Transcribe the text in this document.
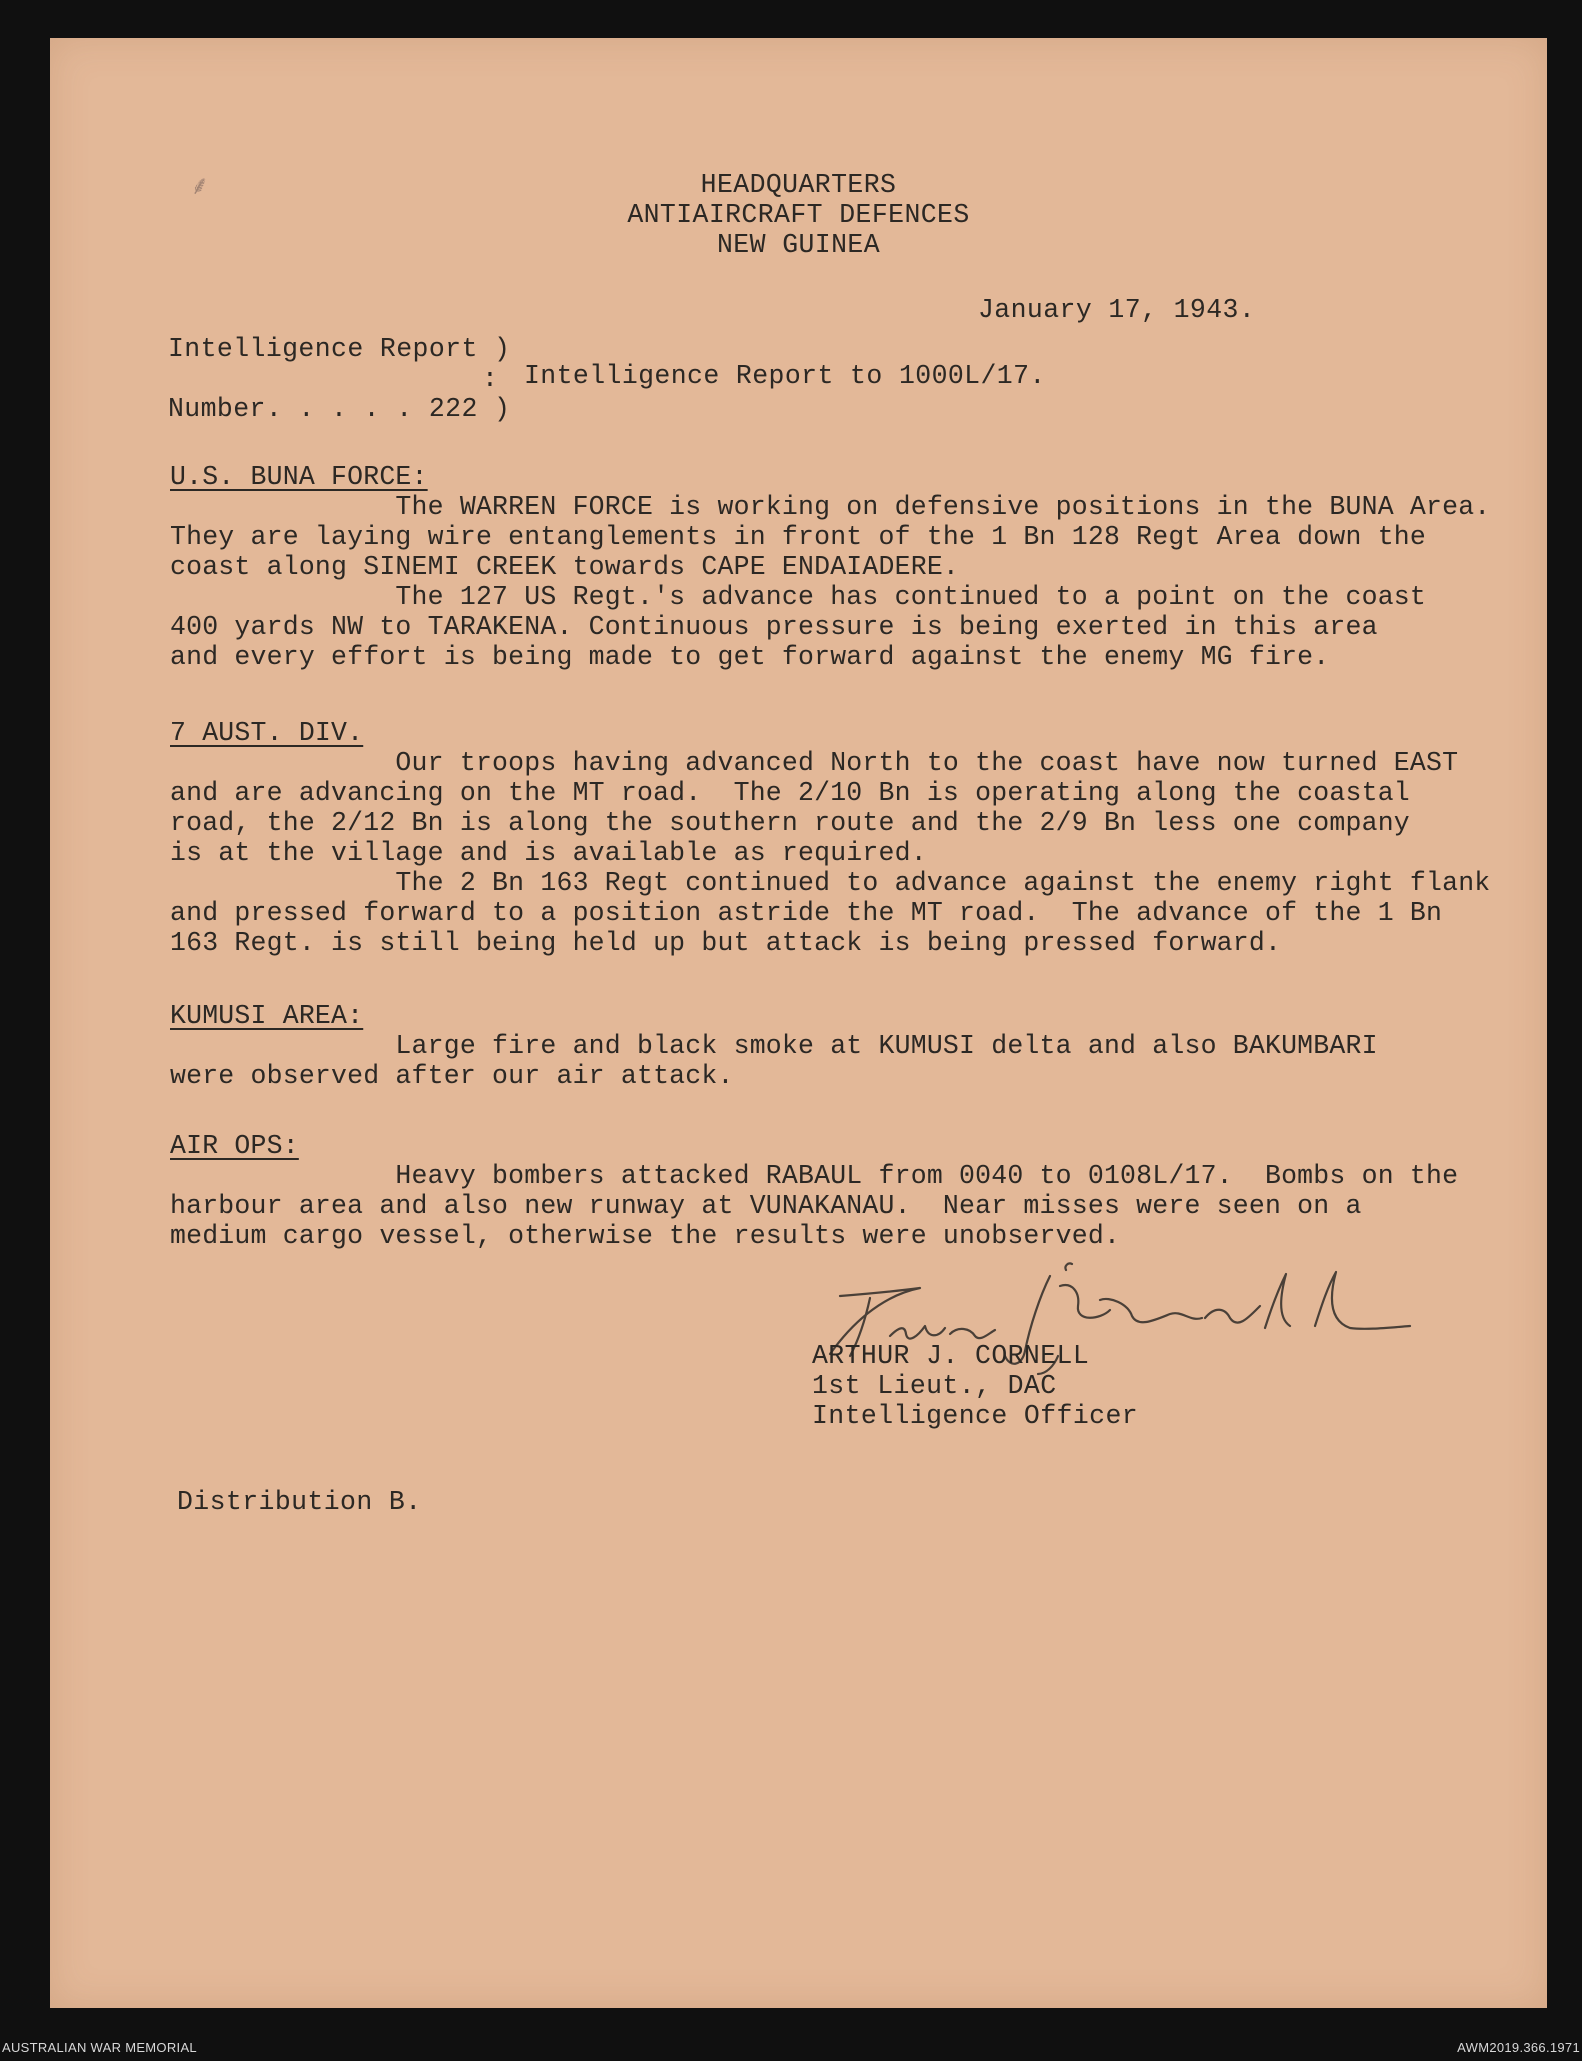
⸙	HEADQUARTERS
ANTIAIRCRAFT DEFENCES
NEW GUINEA
January 17, 1943.
Intelligence Report )
: Intelligence Report to 1000L/17.
Number. . . . . 222 )
U.S. BUNA FORCE:
The WARREN FORCE is working on defensive positions in the BUNA Area.
They are laying wire entanglements in front of the 1 Bn 128 Regt Area down the
coast along SINEMI CREEK towards CAPE ENDAIADERE.
The 127 US Regt.'s advance has continued to a point on the coast
400 yards NW to TARAKENA. Continuous pressure is being exerted in this area
and every effort is being made to get forward against the enemy MG fire.
7 AUST. DIV.
Our troops having advanced North to the coast have now turned EAST
and are advancing on the MT road.  The 2/10 Bn is operating along the coastal
road, the 2/12 Bn is along the southern route and the 2/9 Bn less one company
is at the village and is available as required.
The 2 Bn 163 Regt continued to advance against the enemy right flank
and pressed forward to a position astride the MT road.  The advance of the 1 Bn
163 Regt. is still being held up but attack is being pressed forward.
KUMUSI AREA:
Large fire and black smoke at KUMUSI delta and also BAKUMBARI
were observed after our air attack.
AIR OPS:
Heavy bombers attacked RABAUL from 0040 to 0108L/17.  Bombs on the
harbour area and also new runway at VUNAKANAU.  Near misses were seen on a
medium cargo vessel, otherwise the results were unobserved.
ARTHUR J. CORNELL
1st Lieut., DAC
Intelligence Officer
Distribution B.
AUSTRALIAN WAR MEMORIAL	AWM2019.366.1971
